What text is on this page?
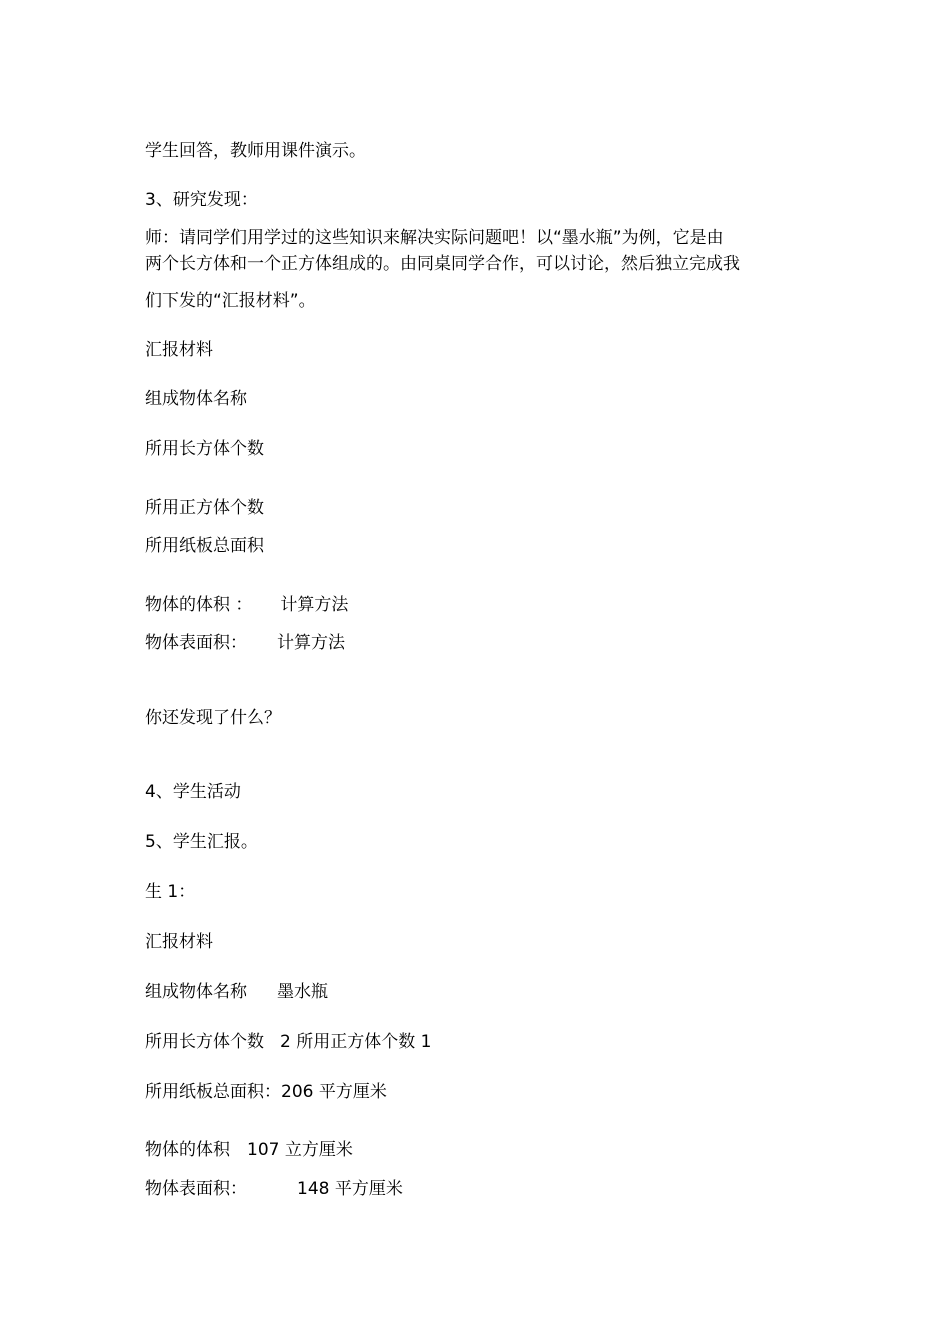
学生回答，教师用课件演示。
3、研究发现：
师：请同学们用学过的这些知识来解决实际问题吧！以“墨水瓶”为例，它是由
两个长方体和一个正方体组成的。由同桌同学合作，可以讨论，然后独立完成我
们下发的“汇报材料”。
汇报材料
组成物体名称
所用长方体个数
所用正方体个数
所用纸板总面积
物体的体积 ： 计算方法
物体表面积： 计算方法
你还发现了什么？
4、学生活动
5、学生汇报。
生 1：
汇报材料
组成物体名称 墨水瓶
所用长方体个数 2 所用正方体个数 1
所用纸板总面积：206 平方厘米
物体的体积 107 立方厘米
物体表面积：	148 平方厘米
